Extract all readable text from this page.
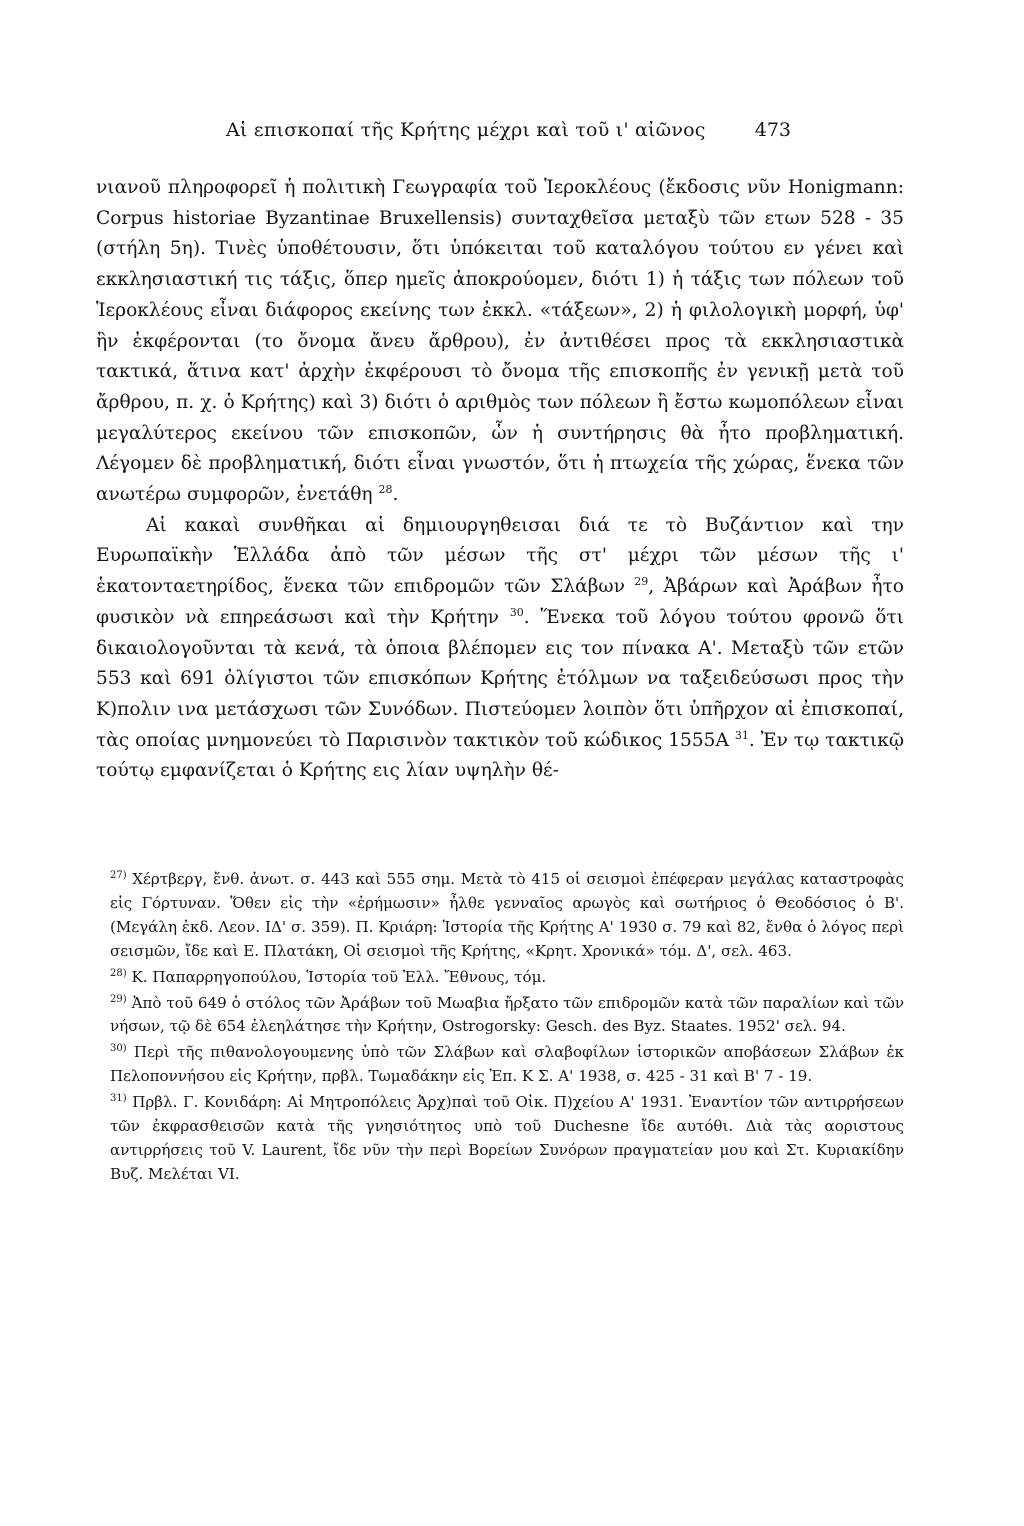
Αἱ επισκοπαί τῆς Κρήτης μέχρι καὶ τοῦ ι' αἰῶνος	473

νιανοῦ πληροφορεῖ ἡ πολιτικὴ Γεωγραφία τοῦ Ἱεροκλέους (ἔκδοσις νῦν Honigmann: Corpus historiae Byzantinae Bruxellensis) συνταχθεῖσα μεταξὺ τῶν ετων 528 - 35 (στήλη 5η). Τινὲς ὑποθέτουσιν, ὅτι ὑπόκειται τοῦ καταλόγου τούτου εν γένει καὶ εκκλησιαστική τις τάξις, ὅπερ ημεῖς ἀποκρούομεν, διότι 1) ἡ τάξις των πόλεων τοῦ Ἱεροκλέους εἶναι διάφορος εκείνης των ἐκκλ. «τάξεων», 2) ἡ φιλολογικὴ μορφή, ὑφ' ἣν ἐκφέρονται (το ὄνομα ἄνευ ἄρθρου), ἐν ἀντιθέσει προς τὰ εκκλησιαστικὰ τακτικά, ἅτινα κατ' ἀρχὴν ἐκφέρουσι τὸ ὄνομα τῆς επισκοπῆς ἐν γενικῇ μετὰ τοῦ ἄρθρου, π. χ. ὁ Κρήτης) καὶ 3) διότι ὁ αριθμὸς των πόλεων ἢ ἔστω κωμοπόλεων εἶναι μεγαλύτερος εκείνου τῶν επισκοπῶν, ὧν ἡ συντήρησις θὰ ἦτο προβληματική. Λέγομεν δὲ προβληματική, διότι εἶναι γνωστόν, ὅτι ἡ πτωχεία τῆς χώρας, ἕνεκα τῶν ανωτέρω συμφορῶν, ἐνετάθη $^{28}$.

Αἱ κακαὶ συνθῆκαι αἱ δημιουργηθεισαι διά τε τὸ Βυζάντιον καὶ την Ευρωπαϊκὴν Ἑλλάδα ἀπὸ τῶν μέσων τῆς στ' μέχρι τῶν μέσων τῆς ι' ἑκατονταετηρίδος, ἕνεκα τῶν επιδρομῶν τῶν Σλάβων $^{29}$, Ἀβάρων καὶ Ἀράβων ἦτο φυσικὸν νὰ επηρεάσωσι καὶ τὴν Κρήτην $^{30}$. Ἕνεκα τοῦ λόγου τούτου φρονῶ ὅτι δικαιολογοῦνται τὰ κενά, τὰ ὁποια βλέπομεν εις τον πίνακα Α'. Μεταξὺ τῶν ετῶν 553 καὶ 691 ὀλίγιστοι τῶν επισκόπων Κρήτης ἐτόλμων να ταξειδεύσωσι προς τὴν Κ)πολιν ινα μετάσχωσι τῶν Συνόδων. Πιστεύομεν λοιπὸν ὅτι ὑπῆρχον αἱ ἐπισκοπαί, τὰς οποίας μνημονεύει τὸ Παρισινὸν τακτικὸν τοῦ κώδικος 1555Α $^{31}$. Ἐν τῳ τακτικῷ τούτῳ εμφανίζεται ὁ Κρήτης εις λίαν υψηλὴν θέ-

$^{27)}$ Χέρτβεργ, ἔνθ. ἀνωτ. σ. 443 καὶ 555 σημ. Μετὰ τὸ 415 οἱ σεισμοὶ ἐπέφεραν μεγάλας καταστροφὰς εἰς Γόρτυναν. Ὅθεν εἰς τὴν «ἐρήμωσιν» ἦλθε γενναῖος αρωγὸς καὶ σωτήριος ὁ Θεοδόσιος ὁ Β'. (Μεγάλη ἐκδ. Λεον. ΙΔ' σ. 359). Π. Κριάρη: Ἱστορία τῆς Κρήτης Α' 1930 σ. 79 καὶ 82, ἔνθα ὁ λόγος περὶ σεισμῶν, ἴδε καὶ Ε. Πλατάκη, Οἱ σεισμοὶ τῆς Κρήτης, «Κρητ. Χρονικά» τόμ. Δ', σελ. 463.

$^{28)}$ Κ. Παπαρρηγοπούλου, Ἱστορία τοῦ Ἑλλ. Ἔθνους, τόμ.

$^{29)}$ Ἀπὸ τοῦ 649 ὁ στόλος τῶν Ἀράβων τοῦ Μωαβια ἤρξατο τῶν επιδρομῶν κατὰ τῶν παραλίων καὶ τῶν νήσων, τῷ δὲ 654 ἐλεηλάτησε τὴν Κρήτην, Ostrogorsky: Gesch. des Byz. Staates. 1952' σελ. 94.

$^{30)}$ Περὶ τῆς πιθανολογουμενης ὑπὸ τῶν Σλάβων καὶ σλαβοφίλων ἱστορικῶν αποβάσεων Σλάβων ἐκ Πελοποννήσου εἰς Κρήτην, πρβλ. Τωμαδάκην εἰς Ἐπ. Κ Σ. Α' 1938, σ. 425 - 31 καὶ Β' 7 - 19.

$^{31)}$ Πρβλ. Γ. Κονιδάρη: Αἱ Μητροπόλεις Ἀρχ)παὶ τοῦ Οἰκ. Π)χείου Α' 1931. Ἐναντίον τῶν αντιρρήσεων τῶν ἐκφρασθεισῶν κατὰ τῆς γνησιότητος υπὸ τοῦ Duchesne ἴδε αυτόθι. Διὰ τὰς αοριστους αντιρρήσεις τοῦ V. Laurent, ἴδε νῦν τὴν περὶ Βορείων Συνόρων πραγματείαν μου καὶ Στ. Κυριακίδην Βυζ. Μελέται VI.
